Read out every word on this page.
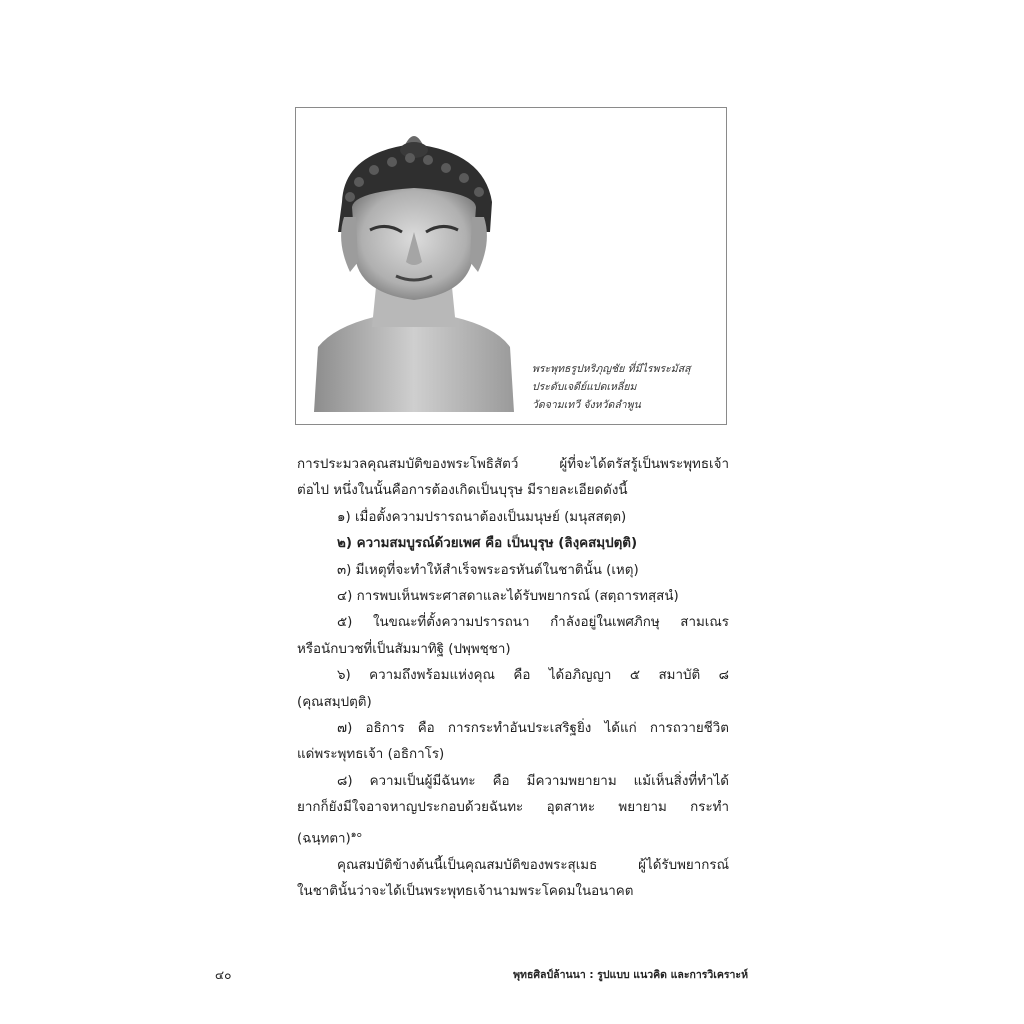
พระพุทธรูปหริภุญชัย ที่มีไรพระมัสสุ
ประดับเจดีย์แปดเหลี่ยม
วัดจามเทวี จังหวัดลำพูน
การประมวลคุณสมบัติของพระโพธิสัตว์ ผู้ที่จะได้ตรัสรู้เป็นพระพุทธเจ้า
ต่อไป หนึ่งในนั้นคือการต้องเกิดเป็นบุรุษ มีรายละเอียดดังนี้
๑) เมื่อตั้งความปรารถนาต้องเป็นมนุษย์ (มนุสสตฺต)
๒) ความสมบูรณ์ด้วยเพศ คือ เป็นบุรุษ (ลิงฺคสมฺปตฺติ)
๓) มีเหตุที่จะทำให้สำเร็จพระอรหันต์ในชาตินั้น (เหตุ)
๔) การพบเห็นพระศาสดาและได้รับพยากรณ์ (สตฺถารทสฺสนํ)
๕) ในขณะที่ตั้งความปรารถนา กำลังอยู่ในเพศภิกษุ สามเณร
หรือนักบวชที่เป็นสัมมาทิฐิ (ปพฺพชฺชา)
๖) ความถึงพร้อมแห่งคุณ คือ ได้อภิญญา ๕ สมาบัติ ๘
(คุณสมฺปตฺติ)
๗) อธิการ คือ การกระทำอันประเสริฐยิ่ง ได้แก่ การถวายชีวิต
แด่พระพุทธเจ้า (อธิกาโร)
๘) ความเป็นผู้มีฉันทะ คือ มีความพยายาม แม้เห็นสิ่งที่ทำได้
ยากก็ยังมีใจอาจหาญประกอบด้วยฉันทะ อุตสาหะ พยายาม กระทำ
(ฉนฺทตา)$^{๑๐}$
คุณสมบัติข้างต้นนี้เป็นคุณสมบัติของพระสุเมธ ผู้ได้รับพยากรณ์
ในชาตินั้นว่าจะได้เป็นพระพุทธเจ้านามพระโคดมในอนาคต
๔๐	พุทธศิลป์ล้านนา : รูปแบบ แนวคิด และการวิเคราะห์
